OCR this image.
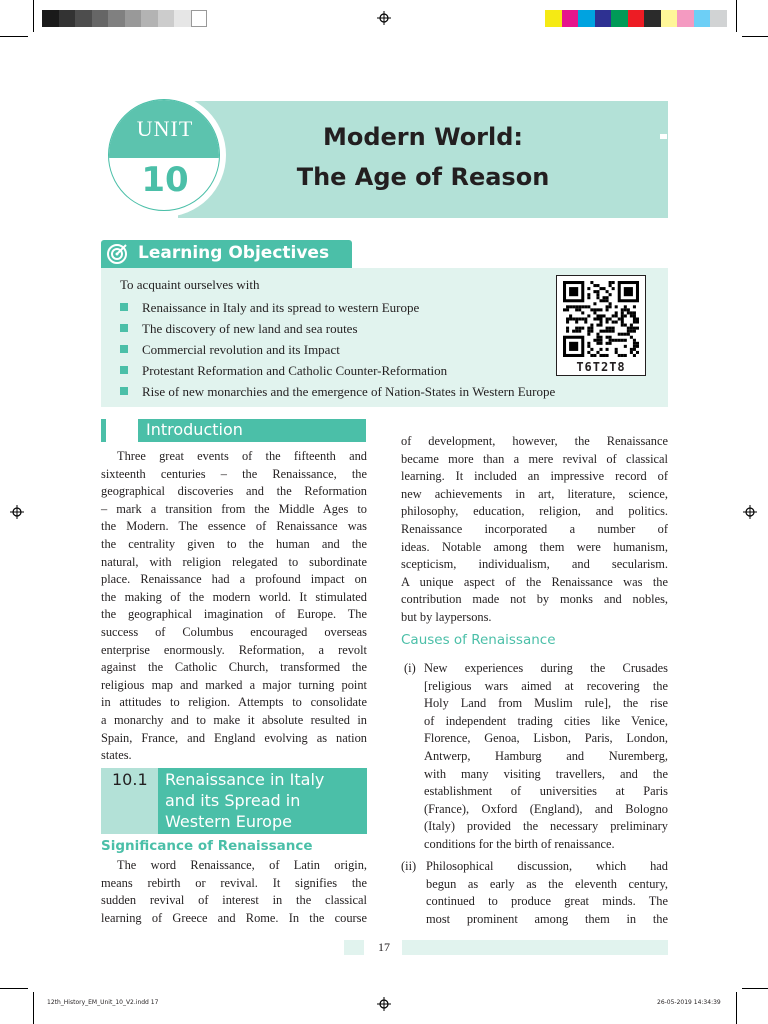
Modern World:
The Age of Reason
UNIT
10
Learning Objectives
To acquaint ourselves with
Renaissance in Italy and its spread to western Europe
The discovery of new land and sea routes
Commercial revolution and its Impact
Protestant Reformation and Catholic Counter-Reformation
Rise of new monarchies and the emergence of Nation-States in Western Europe
T6T2T8
Introduction
Three great events of the fifteenth and
sixteenth centuries – the Renaissance, the
geographical discoveries and the Reformation
– mark a transition from the Middle Ages to
the Modern. The essence of Renaissance was
the centrality given to the human and the
natural, with religion relegated to subordinate
place. Renaissance had a profound impact on
the making of the modern world. It stimulated
the geographical imagination of Europe. The
success of Columbus encouraged overseas
enterprise enormously. Reformation, a revolt
against the Catholic Church, transformed the
religious map and marked a major turning point
in attitudes to religion. Attempts to consolidate
a monarchy and to make it absolute resulted in
Spain, France, and England evolving as nation
states.
10.1 Renaissance in Italy
and its Spread in
Western Europe
Significance of Renaissance
The word Renaissance, of Latin origin,
means rebirth or revival. It signifies the
sudden revival of interest in the classical
learning of Greece and Rome. In the course
of development, however, the Renaissance
became more than a mere revival of classical
learning. It included an impressive record of
new achievements in art, literature, science,
philosophy, education, religion, and politics.
Renaissance incorporated a number of
ideas. Notable among them were humanism,
scepticism, individualism, and secularism.
A unique aspect of the Renaissance was the
contribution made not by monks and nobles,
but by laypersons.
Causes of Renaissance
(i) New experiences during the Crusades
[religious wars aimed at recovering the
Holy Land from Muslim rule], the rise
of independent trading cities like Venice,
Florence, Genoa, Lisbon, Paris, London,
Antwerp, Hamburg and Nuremberg,
with many visiting travellers, and the
establishment of universities at Paris
(France), Oxford (England), and Bologno
(Italy) provided the necessary preliminary
conditions for the birth of renaissance.
(ii) Philosophical discussion, which had
begun as early as the eleventh century,
continued to produce great minds. The
most prominent among them in the
17
12th_History_EM_Unit_10_V2.indd 17	26-05-2019 14:34:39
